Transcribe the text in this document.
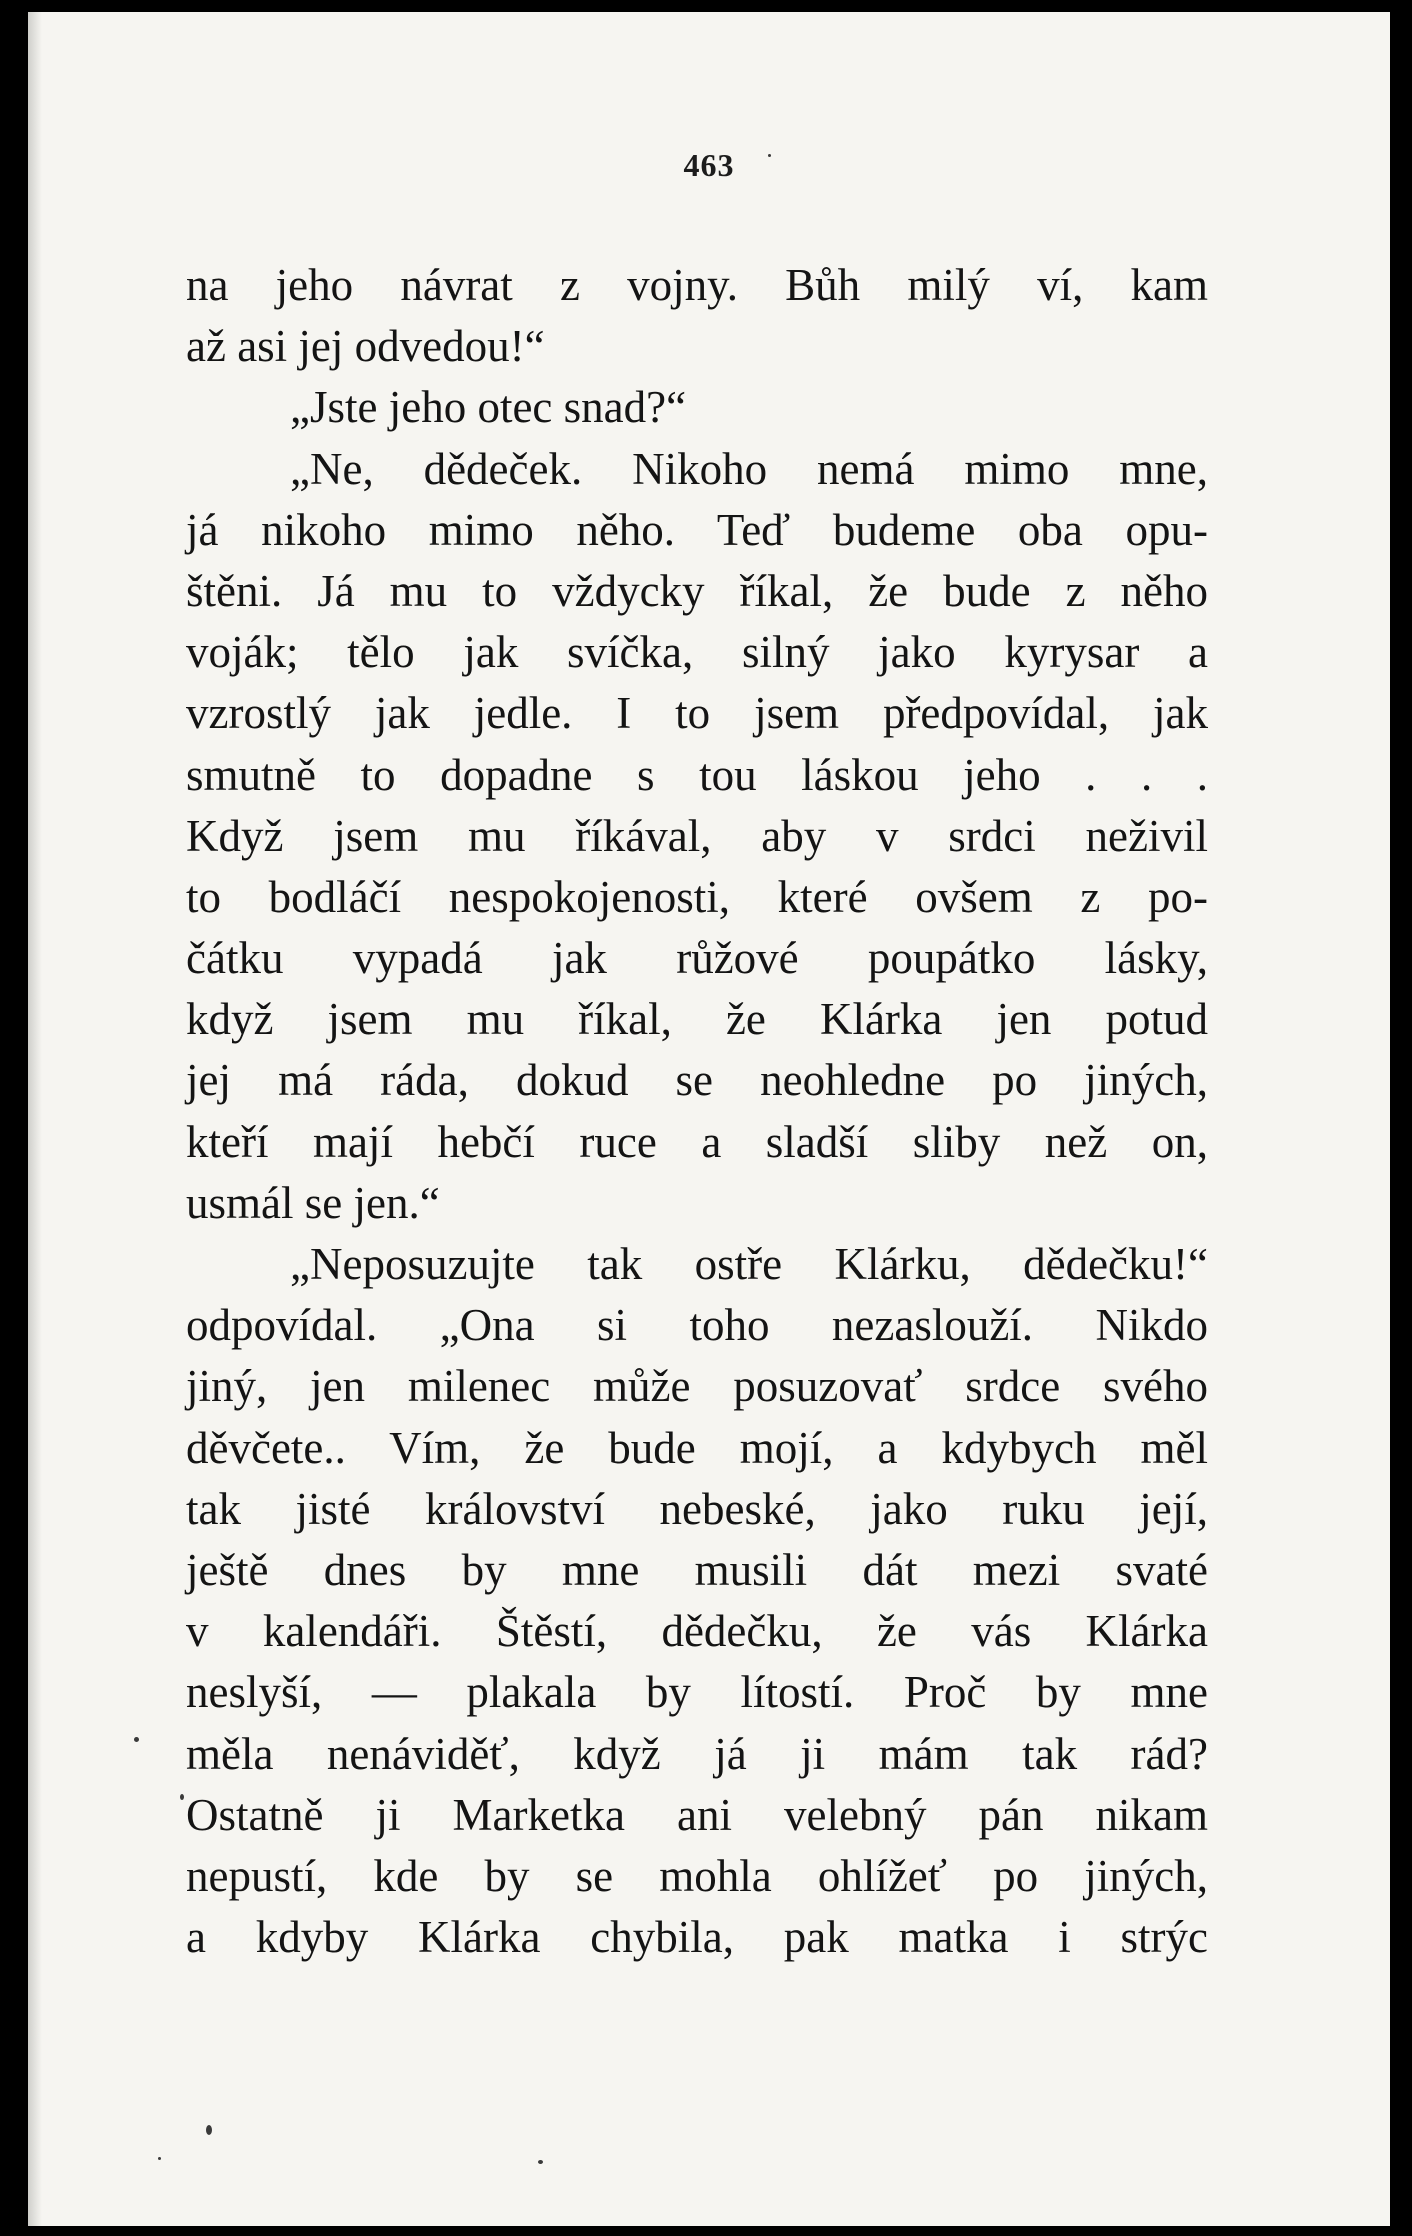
463
na jeho návrat z vojny. Bůh milý ví, kam
až asi jej odvedou!“
„Jste jeho otec snad?“
„Ne, dědeček. Nikoho nemá mimo mne,
já nikoho mimo něho. Teď budeme oba opu-
štěni. Já mu to vždycky říkal, že bude z něho
voják; tělo jak svíčka, silný jako kyrysar a
vzrostlý jak jedle. I to jsem předpovídal, jak
smutně to dopadne s tou láskou jeho . . .
Když jsem mu říkával, aby v srdci neživil
to bodláčí nespokojenosti, které ovšem z po-
čátku vypadá jak růžové poupátko lásky,
když jsem mu říkal, že Klárka jen potud
jej má ráda, dokud se neohledne po jiných,
kteří mají hebčí ruce a sladší sliby než on,
usmál se jen.“
„Neposuzujte tak ostře Klárku, dědečku!“
odpovídal. „Ona si toho nezaslouží. Nikdo
jiný, jen milenec může posuzovať srdce svého
děvčete.. Vím, že bude mojí, a kdybych měl
tak jisté království nebeské, jako ruku její,
ještě dnes by mne musili dát mezi svaté
v kalendáři. Štěstí, dědečku, že vás Klárka
neslyší, — plakala by lítostí. Proč by mne
měla nenáviděť, když já ji mám tak rád?
Ostatně ji Marketka ani velebný pán nikam
nepustí, kde by se mohla ohlížeť po jiných,
a kdyby Klárka chybila, pak matka i strýc
